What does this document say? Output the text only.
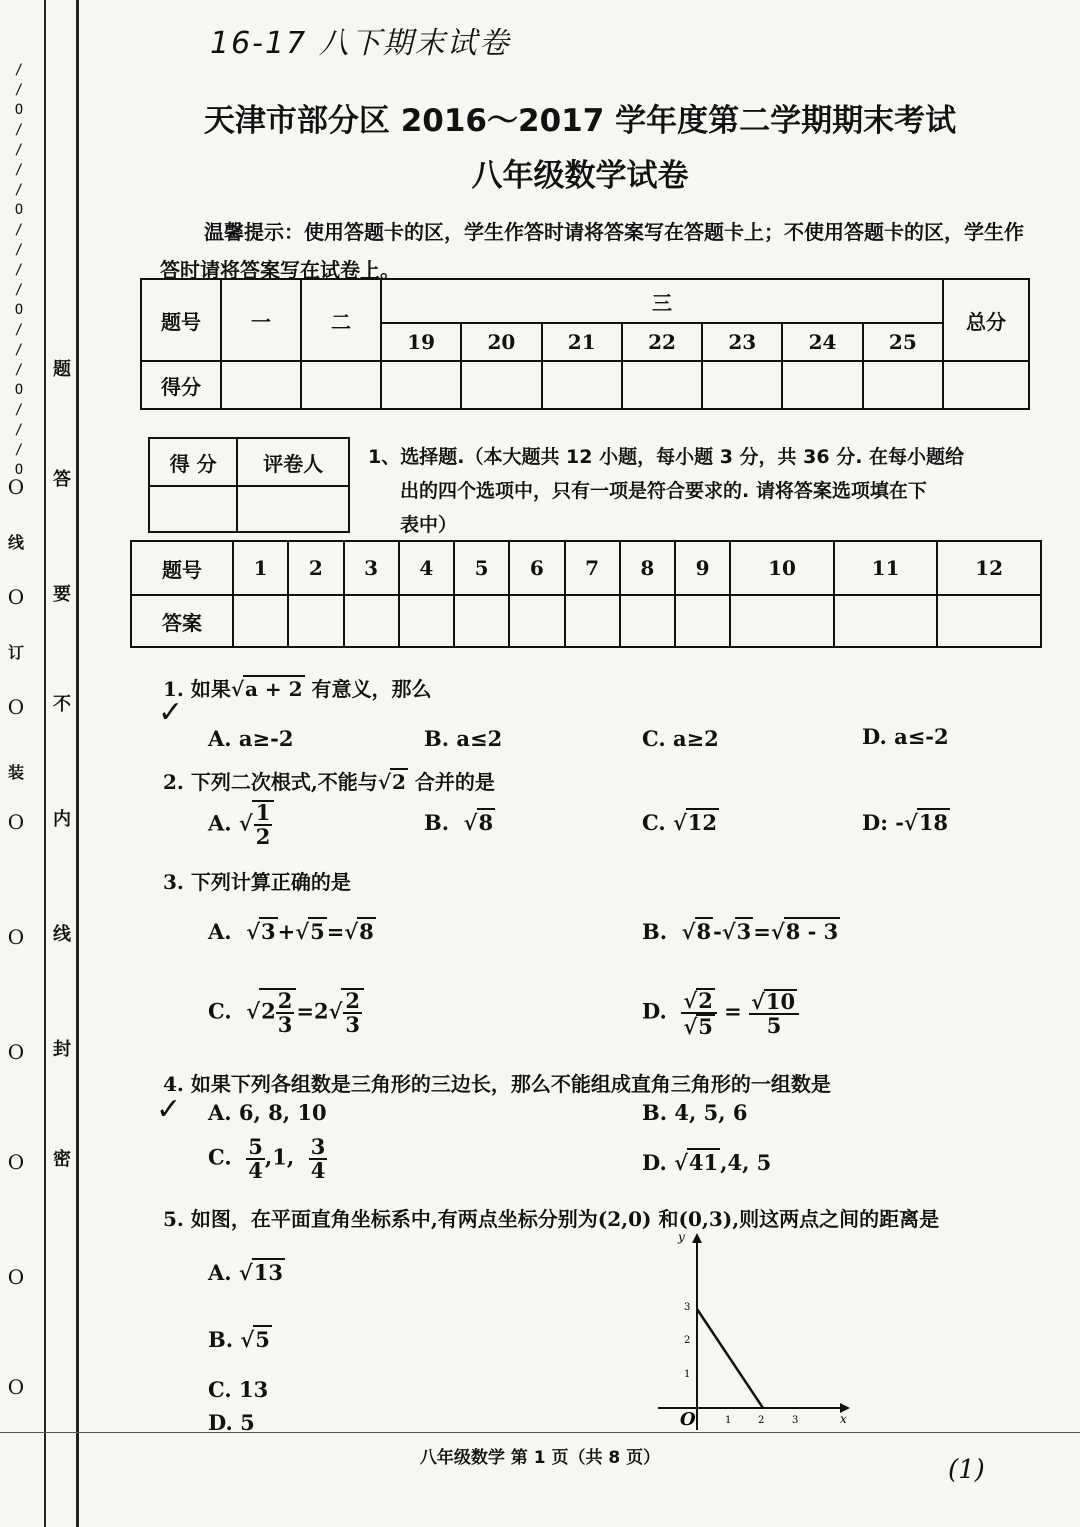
/
/
O
/
/
/
/
O
/
/
/
/
O
/
/
/
O
/
/
/
O
线
订
装
O
O
O
O
O
O
O
O
O
题
答
要
不
内
线
封
密
16-17 八下期末试卷
天津市部分区 2016～2017 学年度第二学期期末考试
八年级数学试卷
温馨提示：使用答题卡的区，学生作答时请将答案写在答题卡上；不使用答题卡的区，学生作答时请将答案写在试卷上。
题号	一	二	三							总分
			19	20	21	22	23	24	25	
得分										
得 分	评卷人
	1、选择题.（本大题共 12 小题，每小题 3 分，共 36 分. 在每小题给
出的四个选项中，只有一项是符合要求的. 请将答案选项填在下
表中）
题号	1	2	3	4	5	6	7	8	9	10	11	12
答案												
1. 如果√a + 2 有意义，那么
✓
A. a≥-2	B. a≤2	C. a≥2	D. a≤-2
2. 下列二次根式,不能与√2 合并的是
A. √ $\frac{1}{2}$	B.  √8	C. √12	D: -√18
3. 下列计算正确的是
A.  √3+√5=√8	B.  √8-√3=√8 - 3
C.  $√2 \frac{2}{3} =2√ \frac{2}{3}$	D. $\frac{√2}{√5} = \frac{√10}{5}$
4. 如果下列各组数是三角形的三边长，那么不能组成直角三角形的一组数是
✓ A. 6, 8, 10	B. 4, 5, 6
C. $\frac{5}{4} ,1$, $\frac{3}{4}$	D. √41,4, 5
5. 如图，在平面直角坐标系中,有两点坐标分别为(2,0) 和(0,3),则这两点之间的距离是
A. √13
B. √5
C. 13
D. 5	x
y
O	1	2	3
1
2
3
八年级数学 第 1 页（共 8 页）	(1)
